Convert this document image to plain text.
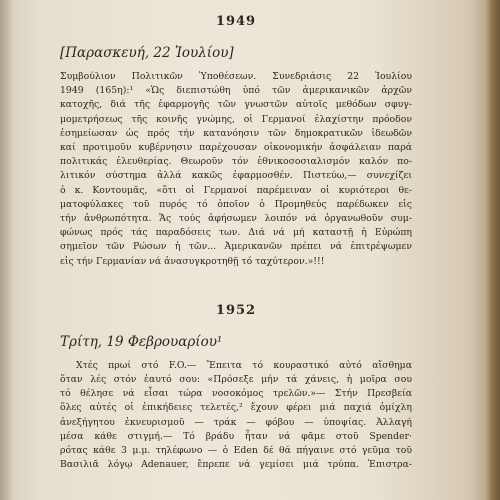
1949
[Παρασκευή, 22 Ἰουλίου]
Συμβούλιον Πολιτικῶν Ὑποθέσεων. Συνεδριάσις 22 Ἰουλίου
1949 (165η):¹ «Ὡς διεπιστώθη ὑπό τῶν ἀμερικανικῶν ἀρχῶν
κατοχῆς, διά τῆς ἐφαρμογῆς τῶν γνωστῶν αὐτοῖς μεθόδων σφυγ-
μομετρήσεως τῆς κοινῆς γνώμης, οἱ Γερμανοί ἐλαχίστην πρόοδον
ἐσημείωσαν ὡς πρός τήν κατανόησιν τῶν δημοκρατικῶν ἰδεωδῶν
καί προτιμοῦν κυβέρνησιν παρέχουσαν οἰκονομικήν ἀσφάλειαν παρά
πολιτικάς ἐλευθερίας. Θεωροῦν τόν ἐθνικοσοσιαλισμόν καλόν πο-
λιτικόν σύστημα ἀλλά κακῶς ἐφαρμοσθέν. Πιστεύω,— συνεχίζει
ὁ κ. Κοντουμᾶς, «ὅτι οἱ Γερμανοί παρέμειναν οἱ κυριότεροι θε-
ματοφύλακες τοῦ πυρός τό ὁποῖον ὁ Προμηθεύς παρέδωκεν εἰς
τήν ἀνθρωπότητα. Ἄς τούς ἀφήσωμεν λοιπόν νά ὀργανωθοῦν συμ-
φώνως πρός τάς παραδόσεις των. Διά νά μή καταστῇ ἡ Εὐρώπη
σημεῖον τῶν Ρώσων ἡ τῶν... Ἀμερικανῶν πρέπει νά ἐπιτρέψωμεν
εἰς τήν Γερμανίαν νά ἀνασυγκροτηθῇ τό ταχύτερον.»!!!
1952
Τρίτη, 19 Φεβρουαρίου¹
Χτές πρωί στό F.O.— Ἔπειτα τό κουραστικό αὐτό αἴσθημα
ὅταν λές στόν ἑαυτό σου: «Πρόσεξε μήν τά χάνεις, ἡ μοῖρα σου
τό θέλησε νά εἶσαι τώρα νοσοκόμος τρελῶν.»— Στήν Πρεσβεία
ὅλες αὐτές οἱ ἐπικήδειες τελετές,² ἔχουν φέρει μιά παχιά ὁμίχλη
ἀνεξήγητου ἐκνευρισμοῦ — τράκ — φόβου — ὑποψίας. Ἀλλαγή
μέσα κάθε στιγμή.— Τό βράδυ ἦταν νά φᾶμε στοῦ Spender·
ρότας κάθε 3 μ.μ. τηλέφωνο — ὁ Eden δέ θά πήγαινε στό γεῦμα τοῦ
Βασιλιᾶ λόγῳ Adenauer, ἔπρεπε νά γεμίσει μιά τρύπα. Ἐπιστρα-
